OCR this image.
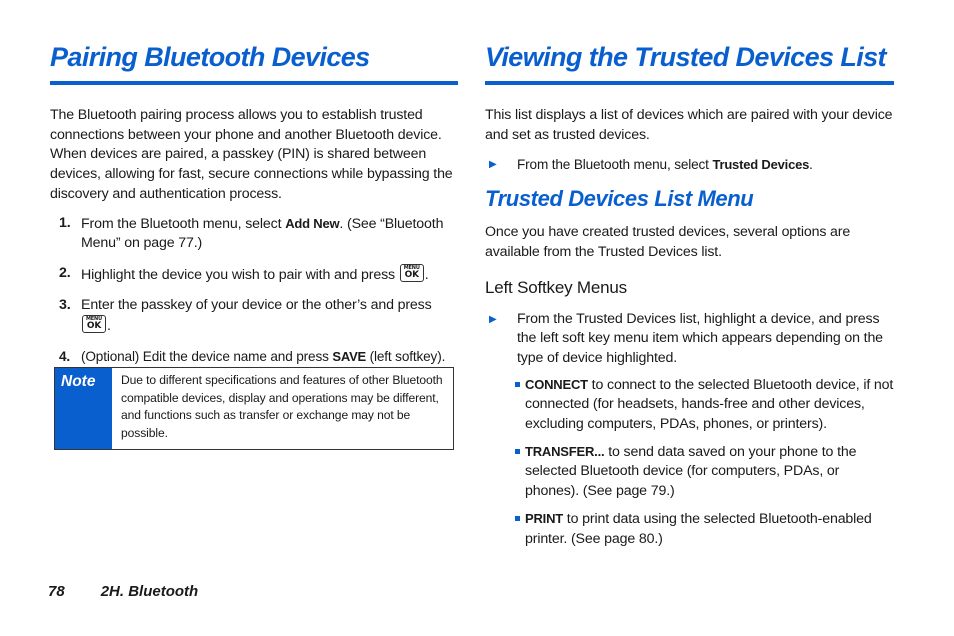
Pairing Bluetooth Devices

The Bluetooth pairing process allows you to establish trusted connections between your phone and another Bluetooth device. When devices are paired, a passkey (PIN) is shared between devices, allowing for fast, secure connections while bypassing the discovery and authentication process.

1. From the Bluetooth menu, select Add New. (See “Bluetooth Menu” on page 77.)
2. Highlight the device you wish to pair with and press MENU
OK .
3. Enter the passkey of your device or the other’s and press
MENU
OK .
4. (Optional) Edit the device name and press SAVE (left softkey).
Note	Due to different specifications and features of other Bluetooth compatible devices, display and operations may be different, and functions such as transfer or exchange may not be possible.
Viewing the Trusted Devices List

This list displays a list of devices which are paired with your device and set as trusted devices.

▶ From the Bluetooth menu, select Trusted Devices.
Trusted Devices List Menu

Once you have created trusted devices, several options are available from the Trusted Devices list.

Left Softkey Menus
▶ From the Trusted Devices list, highlight a device, and press the left soft key menu item which appears depending on the type of device highlighted.
CONNECT to connect to the selected Bluetooth device, if not connected (for headsets, hands-free and other devices, excluding computers, PDAs, phones, or printers).
TRANSFER... to send data saved on your phone to the selected Bluetooth device (for computers, PDAs, or phones). (See page 79.)
PRINT to print data using the selected Bluetooth-enabled printer. (See page 80.)
78 2H. Bluetooth
